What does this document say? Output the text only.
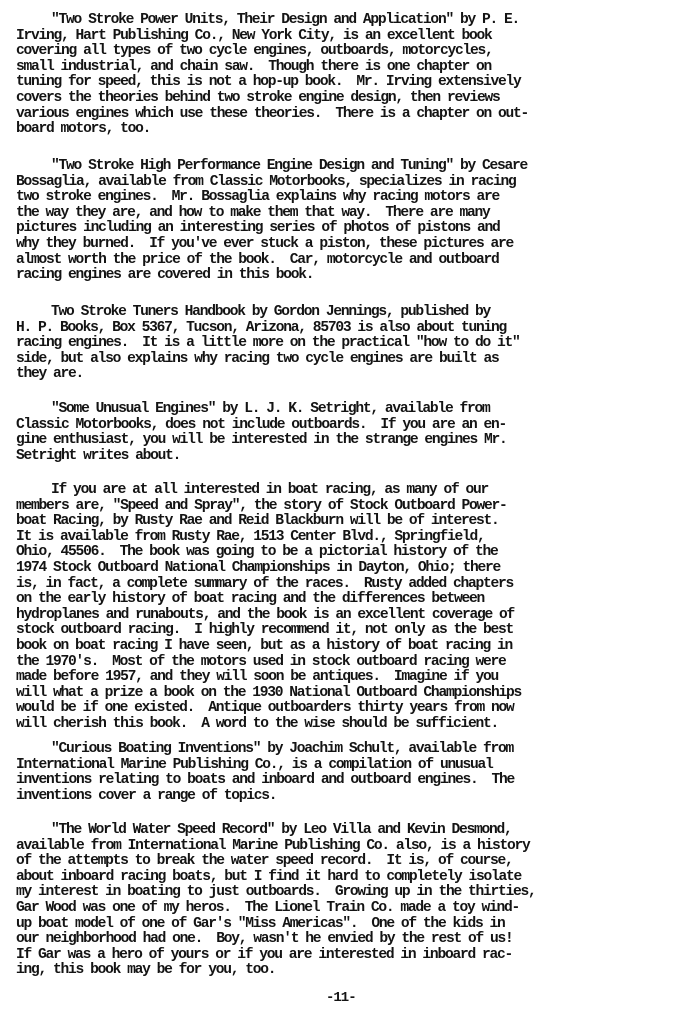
"Two Stroke Power Units, Their Design and Application" by P. E.
Irving, Hart Publishing Co., New York City, is an excellent book
covering all types of two cycle engines, outboards, motorcycles,
small industrial, and chain saw.  Though there is one chapter on
tuning for speed, this is not a hop-up book.  Mr. Irving extensively
covers the theories behind two stroke engine design, then reviews
various engines which use these theories.  There is a chapter on out-
board motors, too.
"Two Stroke High Performance Engine Design and Tuning" by Cesare
Bossaglia, available from Classic Motorbooks, specializes in racing
two stroke engines.  Mr. Bossaglia explains why racing motors are
the way they are, and how to make them that way.  There are many
pictures including an interesting series of photos of pistons and
why they burned.  If you've ever stuck a piston, these pictures are
almost worth the price of the book.  Car, motorcycle and outboard
racing engines are covered in this book.
Two Stroke Tuners Handbook by Gordon Jennings, published by
H. P. Books, Box 5367, Tucson, Arizona, 85703 is also about tuning
racing engines.  It is a little more on the practical "how to do it"
side, but also explains why racing two cycle engines are built as
they are.
"Some Unusual Engines" by L. J. K. Setright, available from
Classic Motorbooks, does not include outboards.  If you are an en-
gine enthusiast, you will be interested in the strange engines Mr.
Setright writes about.
If you are at all interested in boat racing, as many of our
members are, "Speed and Spray", the story of Stock Outboard Power-
boat Racing, by Rusty Rae and Reid Blackburn will be of interest.
It is available from Rusty Rae, 1513 Center Blvd., Springfield,
Ohio, 45506.  The book was going to be a pictorial history of the
1974 Stock Outboard National Championships in Dayton, Ohio; there
is, in fact, a complete summary of the races.  Rusty added chapters
on the early history of boat racing and the differences between
hydroplanes and runabouts, and the book is an excellent coverage of
stock outboard racing.  I highly recommend it, not only as the best
book on boat racing I have seen, but as a history of boat racing in
the 1970's.  Most of the motors used in stock outboard racing were
made before 1957, and they will soon be antiques.  Imagine if you
will what a prize a book on the 1930 National Outboard Championships
would be if one existed.  Antique outboarders thirty years from now
will cherish this book.  A word to the wise should be sufficient.
"Curious Boating Inventions" by Joachim Schult, available from
International Marine Publishing Co., is a compilation of unusual
inventions relating to boats and inboard and outboard engines.  The
inventions cover a range of topics.
"The World Water Speed Record" by Leo Villa and Kevin Desmond,
available from International Marine Publishing Co. also, is a history
of the attempts to break the water speed record.  It is, of course,
about inboard racing boats, but I find it hard to completely isolate
my interest in boating to just outboards.  Growing up in the thirties,
Gar Wood was one of my heros.  The Lionel Train Co. made a toy wind-
up boat model of one of Gar's "Miss Americas".  One of the kids in
our neighborhood had one.  Boy, wasn't he envied by the rest of us!
If Gar was a hero of yours or if you are interested in inboard rac-
ing, this book may be for you, too.
-11-
